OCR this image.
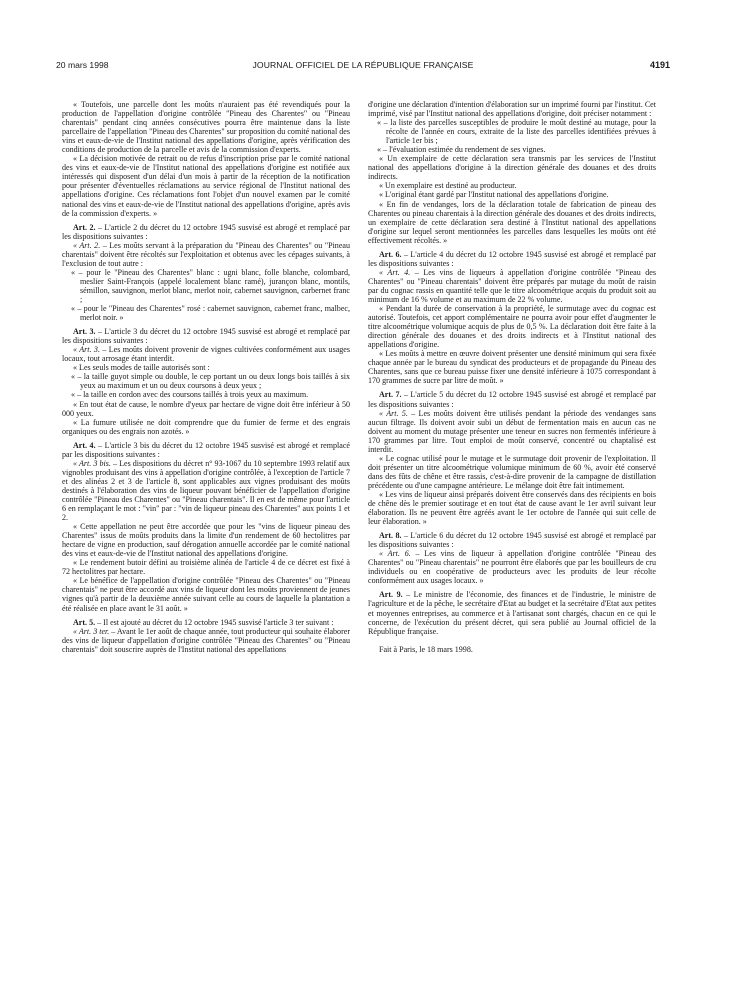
20 mars 1998	JOURNAL OFFICIEL DE LA RÉPUBLIQUE FRANÇAISE	4191

« Toutefois, une parcelle dont les moûts n'auraient pas été revendiqués pour la production de l'appellation d'origine contrôlée "Pineau des Charentes" ou "Pineau charentais" pendant cinq années consécutives pourra être maintenue dans la liste parcellaire de l'appellation "Pineau des Charentes" sur proposition du comité national des vins et eaux-de-vie de l'Institut national des appellations d'origine, après vérification des conditions de production de la parcelle et avis de la commission d'experts.

« La décision motivée de retrait ou de refus d'inscription prise par le comité national des vins et eaux-de-vie de l'Institut national des appellations d'origine est notifiée aux intéressés qui disposent d'un délai d'un mois à partir de la réception de la notification pour présenter d'éventuelles réclamations au service régional de l'Institut national des appellations d'origine. Ces réclamations font l'objet d'un nouvel examen par le comité national des vins et eaux-de-vie de l'Institut national des appellations d'origine, après avis de la commission d'experts. »

Art. 2. – L'article 2 du décret du 12 octobre 1945 susvisé est abrogé et remplacé par les dispositions suivantes :

« Art. 2. – Les moûts servant à la préparation du "Pineau des Charentes" ou "Pineau charentais" doivent être récoltés sur l'exploitation et obtenus avec les cépages suivants, à l'exclusion de tout autre :

« – pour le "Pineau des Charentes" blanc : ugni blanc, folle blanche, colombard, meslier Saint-François (appelé localement blanc ramé), jurançon blanc, montils, sémillon, sauvignon, merlot blanc, merlot noir, cabernet sauvignon, carbernet franc ;

« – pour le "Pineau des Charentes" rosé : cabernet sauvignon, cabernet franc, malbec, merlot noir. »

Art. 3. – L'article 3 du décret du 12 octobre 1945 susvisé est abrogé et remplacé par les dispositions suivantes :

« Art. 3. – Les moûts doivent provenir de vignes cultivées conformément aux usages locaux, tout arrosage étant interdit.

« Les seuls modes de taille autorisés sont :

« – la taille guyot simple ou double, le cep portant un ou deux longs bois taillés à six yeux au maximum et un ou deux coursons à deux yeux ;

« – la taille en cordon avec des coursons taillés à trois yeux au maximum.

« En tout état de cause, le nombre d'yeux par hectare de vigne doit être inférieur à 50 000 yeux.

« La fumure utilisée ne doit comprendre que du fumier de ferme et des engrais organiques ou des engrais non azotés. »

Art. 4. – L'article 3 bis du décret du 12 octobre 1945 susvisé est abrogé et remplacé par les dispositions suivantes :

« Art. 3 bis. – Les dispositions du décret n° 93-1067 du 10 septembre 1993 relatif aux vignobles produisant des vins à appellation d'origine contrôlée, à l'exception de l'article 7 et des alinéas 2 et 3 de l'article 8, sont applicables aux vignes produisant des moûts destinés à l'élaboration des vins de liqueur pouvant bénéficier de l'appellation d'origine contrôlée "Pineau des Charentes" ou "Pineau charentais". Il en est de même pour l'article 6 en remplaçant le mot : "vin" par : "vin de liqueur pineau des Charentes" aux points 1 et 2.

« Cette appellation ne peut être accordée que pour les "vins de liqueur pineau des Charentes" issus de moûts produits dans la limite d'un rendement de 60 hectolitres par hectare de vigne en production, sauf dérogation annuelle accordée par le comité national des vins et eaux-de-vie de l'Institut national des appellations d'origine.

« Le rendement butoir défini au troisième alinéa de l'article 4 de ce décret est fixé à 72 hectolitres par hectare.

« Le bénéfice de l'appellation d'origine contrôlée "Pineau des Charentes" ou "Pineau charentais" ne peut être accordé aux vins de liqueur dont les moûts proviennent de jeunes vignes qu'à partir de la deuxième année suivant celle au cours de laquelle la plantation a été réalisée en place avant le 31 août. »

Art. 5. – Il est ajouté au décret du 12 octobre 1945 susvisé l'article 3 ter suivant :

« Art. 3 ter. – Avant le 1er août de chaque année, tout producteur qui souhaite élaborer des vins de liqueur d'appellation d'origine contrôlée "Pineau des Charentes" ou "Pineau charentais" doit souscrire auprès de l'Institut national des appellations

d'origine une déclaration d'intention d'élaboration sur un imprimé fourni par l'institut. Cet imprimé, visé par l'Institut national des appellations d'origine, doit préciser notamment :

« – la liste des parcelles susceptibles de produire le moût destiné au mutage, pour la récolte de l'année en cours, extraite de la liste des parcelles identifiées prévues à l'article 1er bis ;

« – l'évaluation estimée du rendement de ses vignes.

« Un exemplaire de cette déclaration sera transmis par les services de l'Institut national des appellations d'origine à la direction générale des douanes et des droits indirects.

« Un exemplaire est destiné au producteur.

« L'original étant gardé par l'Institut national des appellations d'origine.

« En fin de vendanges, lors de la déclaration totale de fabrication de pineau des Charentes ou pineau charentais à la direction générale des douanes et des droits indirects, un exemplaire de cette déclaration sera destiné à l'Institut national des appellations d'origine sur lequel seront mentionnées les parcelles dans lesquelles les moûts ont été effectivement récoltés. »

Art. 6. – L'article 4 du décret du 12 octobre 1945 susvisé est abrogé et remplacé par les dispositions suivantes :

« Art. 4. – Les vins de liqueurs à appellation d'origine contrôlée "Pineau des Charentes" ou "Pineau charentais" doivent être préparés par mutage du moût de raisin par du cognac rassis en quantité telle que le titre alcoométrique acquis du produit soit au minimum de 16 % volume et au maximum de 22 % volume.

« Pendant la durée de conservation à la propriété, le surmutage avec du cognac est autorisé. Toutefois, cet apport complémentaire ne pourra avoir pour effet d'augmenter le titre alcoométrique volumique acquis de plus de 0,5 %. La déclaration doit être faite à la direction générale des douanes et des droits indirects et à l'Institut national des appellations d'origine.

« Les moûts à mettre en œuvre doivent présenter une densité minimum qui sera fixée chaque année par le bureau du syndicat des producteurs et de propagande du Pineau des Charentes, sans que ce bureau puisse fixer une densité inférieure à 1075 correspondant à 170 grammes de sucre par litre de moût. »

Art. 7. – L'article 5 du décret du 12 octobre 1945 susvisé est abrogé et remplacé par les dispositions suivantes :

« Art. 5. – Les moûts doivent être utilisés pendant la période des vendanges sans aucun filtrage. Ils doivent avoir subi un début de fermentation mais en aucun cas ne doivent au moment du mutage présenter une teneur en sucres non fermentés inférieure à 170 grammes par litre. Tout emploi de moût conservé, concentré ou chaptalisé est interdit.

« Le cognac utilisé pour le mutage et le surmutage doit provenir de l'exploitation. Il doit présenter un titre alcoométrique volumique minimum de 60 %, avoir été conservé dans des fûts de chêne et être rassis, c'est-à-dire provenir de la campagne de distillation précédente ou d'une campagne antérieure. Le mélange doit être fait intimement.

« Les vins de liqueur ainsi préparés doivent être conservés dans des récipients en bois de chêne dès le premier soutirage et en tout état de cause avant le 1er avril suivant leur élaboration. Ils ne peuvent être agréés avant le 1er octobre de l'année qui suit celle de leur élaboration. »

Art. 8. – L'article 6 du décret du 12 octobre 1945 susvisé est abrogé et remplacé par les dispositions suivantes :

« Art. 6. – Les vins de liqueur à appellation d'origine contrôlée "Pineau des Charentes" ou "Pineau charentais" ne pourront être élaborés que par les bouilleurs de cru individuels ou en coopérative de producteurs avec les produits de leur récolte conformément aux usages locaux. »

Art. 9. – Le ministre de l'économie, des finances et de l'industrie, le ministre de l'agriculture et de la pêche, le secrétaire d'Etat au budget et la secrétaire d'Etat aux petites et moyennes entreprises, au commerce et à l'artisanat sont chargés, chacun en ce qui le concerne, de l'exécution du présent décret, qui sera publié au Journal officiel de la République française.

Fait à Paris, le 18 mars 1998.
